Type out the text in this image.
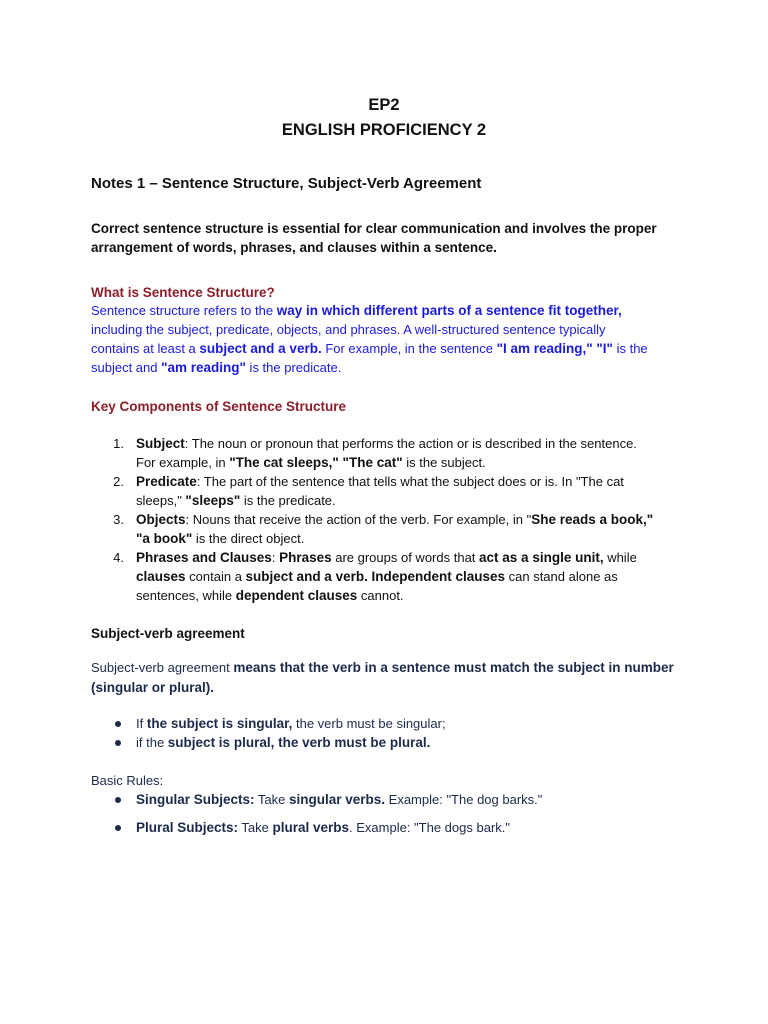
EP2
ENGLISH PROFICIENCY 2
Notes 1 – Sentence Structure, Subject-Verb Agreement
Correct sentence structure is essential for clear communication and involves the proper
arrangement of words, phrases, and clauses within a sentence.
What is Sentence Structure?
Sentence structure refers to the way in which different parts of a sentence fit together,
including the subject, predicate, objects, and phrases. A well-structured sentence typically
contains at least a subject and a verb. For example, in the sentence "I am reading," "I" is the
subject and "am reading" is the predicate.
Key Components of Sentence Structure
1. Subject: The noun or pronoun that performs the action or is described in the sentence.
For example, in "The cat sleeps," "The cat" is the subject.
2. Predicate: The part of the sentence that tells what the subject does or is. In "The cat
sleeps," "sleeps" is the predicate.
3. Objects: Nouns that receive the action of the verb. For example, in "She reads a book,"
"a book" is the direct object.
4. Phrases and Clauses: Phrases are groups of words that act as a single unit, while
clauses contain a subject and a verb. Independent clauses can stand alone as
sentences, while dependent clauses cannot.
Subject-verb agreement
Subject-verb agreement means that the verb in a sentence must match the subject in number
(singular or plural).
If the subject is singular, the verb must be singular;
if the subject is plural, the verb must be plural.
Basic Rules:
Singular Subjects: Take singular verbs. Example: "The dog barks."
Plural Subjects: Take plural verbs. Example: "The dogs bark."
